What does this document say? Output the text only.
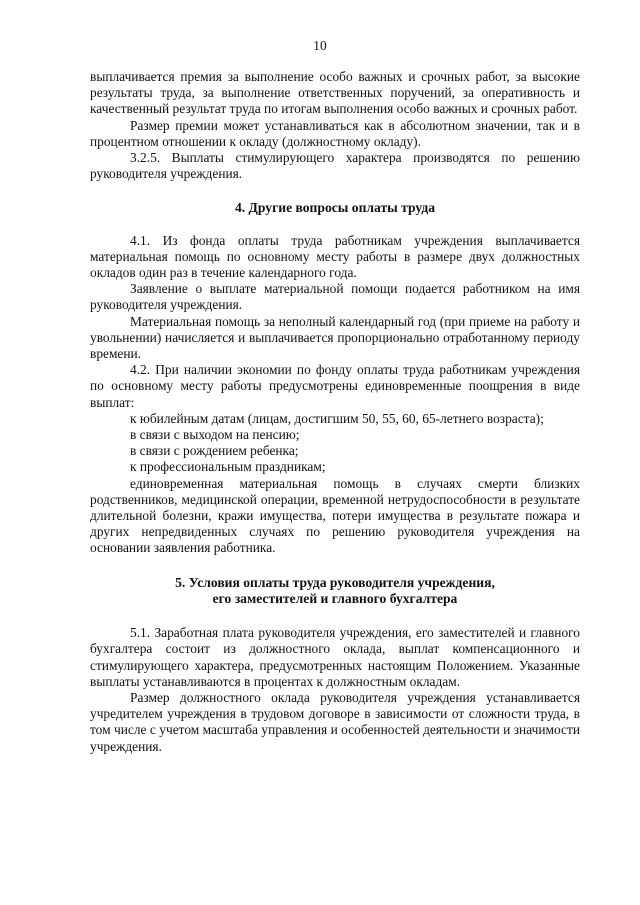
10

выплачивается премия за выполнение особо важных и срочных работ, за высокие результаты труда, за выполнение ответственных поручений, за оперативность и качественный результат труда по итогам выполнения особо важных и срочных работ.

Размер премии может устанавливаться как в абсолютном значении, так и в процентном отношении к окладу (должностному окладу).

3.2.5. Выплаты стимулирующего характера производятся по решению руководителя учреждения.

4. Другие вопросы оплаты труда

4.1. Из фонда оплаты труда работникам учреждения выплачивается материальная помощь по основному месту работы в размере двух должностных окладов один раз в течение календарного года.

Заявление о выплате материальной помощи подается работником на имя руководителя учреждения.

Материальная помощь за неполный календарный год (при приеме на работу и увольнении) начисляется и выплачивается пропорционально отработанному периоду времени.

4.2. При наличии экономии по фонду оплаты труда работникам учреждения по основному месту работы предусмотрены единовременные поощрения в виде выплат:

к юбилейным датам (лицам, достигшим 50, 55, 60, 65-летнего возраста);

в связи с выходом на пенсию;

в связи с рождением ребенка;

к профессиональным праздникам;

единовременная материальная помощь в случаях смерти близких родственников, медицинской операции, временной нетрудоспособности в результате длительной болезни, кражи имущества, потери имущества в результате пожара и других непредвиденных случаях по решению руководителя учреждения на основании заявления работника.

5. Условия оплаты труда руководителя учреждения,
его заместителей и главного бухгалтера

5.1. Заработная плата руководителя учреждения, его заместителей и главного бухгалтера состоит из должностного оклада, выплат компенсационного и стимулирующего характера, предусмотренных настоящим Положением. Указанные выплаты устанавливаются в процентах к должностным окладам.

Размер должностного оклада руководителя учреждения устанавливается учредителем учреждения в трудовом договоре в зависимости от сложности труда, в том числе с учетом масштаба управления и особенностей деятельности и значимости учреждения.
